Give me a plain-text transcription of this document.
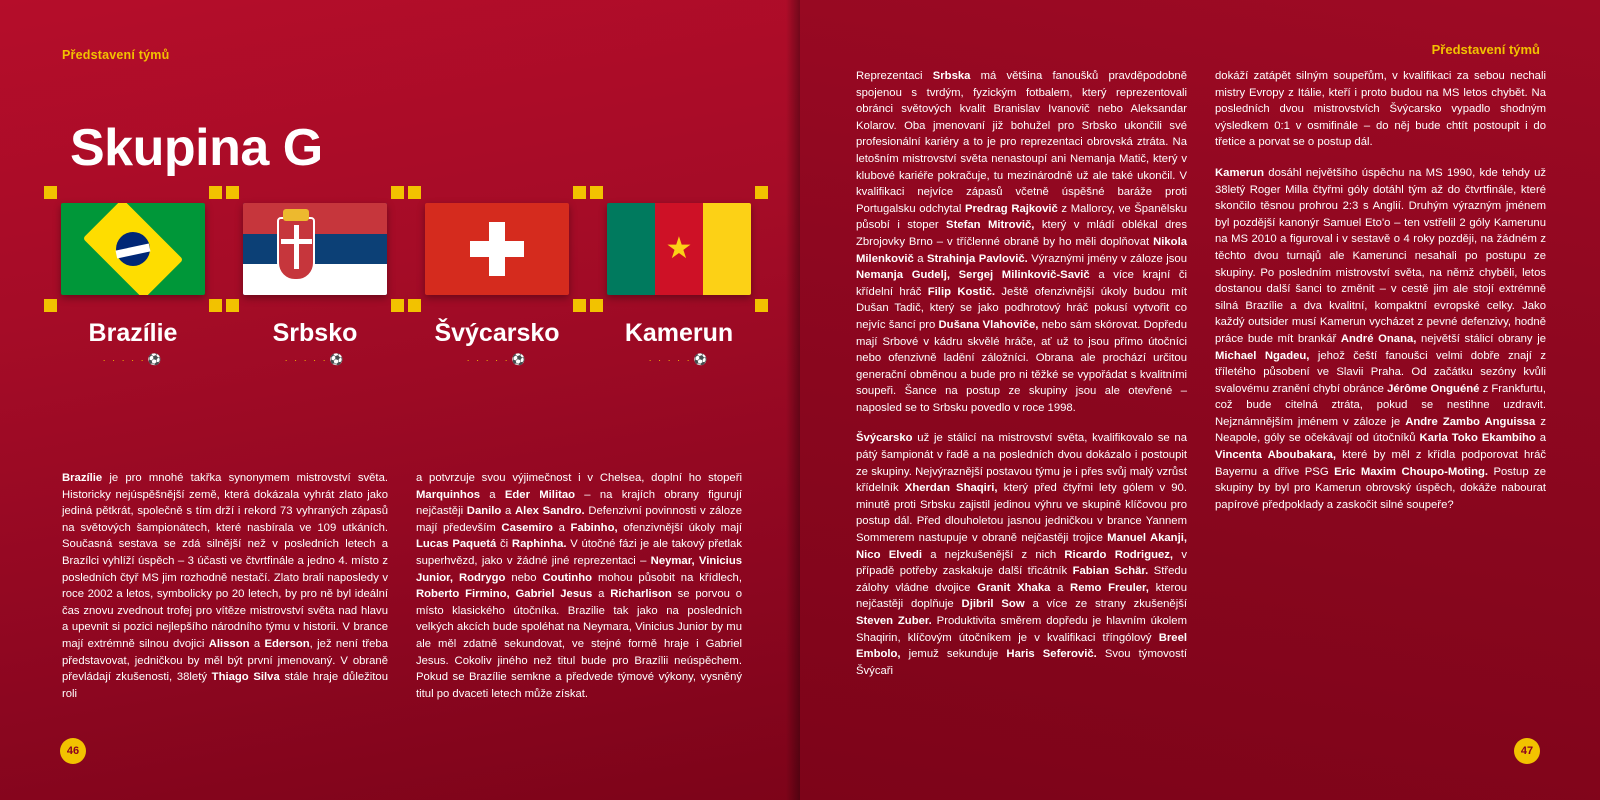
Představení týmů
Skupina G
Brazílie
· · · · · ⚽
Srbsko
· · · · · ⚽
Švýcarsko
· · · · · ⚽
★
Kamerun
· · · · · ⚽

Brazílie je pro mnohé takřka synonymem mistrovství světa. Historicky nejúspěšnější země, která dokázala vyhrát zlato jako jediná pětkrát, společně s tím drží i rekord 73 vyhraných zápasů na světových šampionátech, které nasbírala ve 109 utkáních. Současná sestava se zdá silnější než v posledních letech a Brazílci vyhlíží úspěch – 3 účasti ve čtvrtfinále a jedno 4. místo z posledních čtyř MS jim rozhodně nestačí. Zlato brali naposledy v roce 2002 a letos, symbolicky po 20 letech, by pro ně byl ideální čas znovu zvednout trofej pro vítěze mistrovství světa nad hlavu a upevnit si pozici nejlepšího národního týmu v historii. V brance mají extrémně silnou dvojici Alisson a Ederson, jež není třeba představovat, jedničkou by měl být první jmenovaný. V obraně převládají zkušenosti, 38letý Thiago Silva stále hraje důležitou roli

a potvrzuje svou výjimečnost i v Chelsea, doplní ho stopeři Marquinhos a Eder Militao – na krajích obrany figurují nejčastěji Danilo a Alex Sandro. Defenzivní povinnosti v záloze mají především Casemiro a Fabinho, ofenzivnější úkoly mají Lucas Paquetá či Raphinha. V útočné fázi je ale takový přetlak superhvězd, jako v žádné jiné reprezentaci – Neymar, Vinicius Junior, Rodrygo nebo Coutinho mohou působit na křídlech, Roberto Firmino, Gabriel Jesus a Richarlison se porvou o místo klasického útočníka. Brazilie tak jako na posledních velkých akcích bude spoléhat na Neymara, Vinicius Junior by mu ale měl zdatně sekundovat, ve stejné formě hraje i Gabriel Jesus. Cokoliv jiného než titul bude pro Brazílii neúspěchem. Pokud se Brazílie semkne a předvede týmové výkony, vysněný titul po dvaceti letech může získat.

46
Představení týmů

Reprezentaci Srbska má většina fanoušků pravděpodobně spojenou s tvrdým, fyzickým fotbalem, který reprezentovali obránci světových kvalit Branislav Ivanovič nebo Aleksandar Kolarov. Oba jmenovaní již bohužel pro Srbsko ukončili své profesionální kariéry a to je pro reprezentaci obrovská ztráta. Na letošním mistrovství světa nenastoupí ani Nemanja Matič, který v klubové kariéře pokračuje, tu mezinárodně už ale také ukončil. V kvalifikaci nejvíce zápasů včetně úspěšné baráže proti Portugalsku odchytal Predrag Rajkovič z Mallorcy, ve Španělsku působí i stoper Stefan Mitrovič, který v mládí oblékal dres Zbrojovky Brno – v tříčlenné obraně by ho měli doplňovat Nikola Milenkovič a Strahinja Pavlovič. Výraznými jmény v záloze jsou Nemanja Gudelj, Sergej Milinkovič-Savič a více krajní či křídelní hráč Filip Kostič. Ještě ofenzivnější úkoly budou mít Dušan Tadič, který se jako podhrotový hráč pokusí vytvořit co nejvíc šancí pro Dušana Vlahoviče, nebo sám skórovat. Dopředu mají Srbové v kádru skvělé hráče, ať už to jsou přímo útočníci nebo ofenzivně ladění záložníci. Obrana ale prochází určitou generační obměnou a bude pro ni těžké se vypořádat s kvalitními soupeři. Šance na postup ze skupiny jsou ale otevřené – naposled se to Srbsku povedlo v roce 1998.

Švýcarsko už je stálicí na mistrovství světa, kvalifikovalo se na pátý šampionát v řadě a na posledních dvou dokázalo i postoupit ze skupiny. Nejvýraznější postavou týmu je i přes svůj malý vzrůst křídelník Xherdan Shaqiri, který před čtyřmi lety gólem v 90. minutě proti Srbsku zajistil jedinou výhru ve skupině klíčovou pro postup dál. Před dlouholetou jasnou jedničkou v brance Yannem Sommerem nastupuje v obraně nejčastěji trojice Manuel Akanji, Nico Elvedi a nejzkušenější z nich Ricardo Rodriguez, v případě potřeby zaskakuje další třicátník Fabian Schär. Středu zálohy vládne dvojice Granit Xhaka a Remo Freuler, kterou nejčastěji doplňuje Djibril Sow a více ze strany zkušenější Steven Zuber. Produktivita směrem dopředu je hlavním úkolem Shaqirin, klíčovým útočníkem je v kvalifikaci tříngólový Breel Embolo, jemuž sekunduje Haris Seferovič. Svou týmovostí Švýcaři

dokáží zatápět silným soupeřům, v kvalifikaci za sebou nechali mistry Evropy z Itálie, kteří i proto budou na MS letos chybět. Na posledních dvou mistrovstvích Švýcarsko vypadlo shodným výsledkem 0:1 v osmifinále – do něj bude chtít postoupit i do třetice a porvat se o postup dál.

Kamerun dosáhl největšího úspěchu na MS 1990, kde tehdy už 38letý Roger Milla čtyřmi góly dotáhl tým až do čtvrtfinále, které skončilo těsnou prohrou 2:3 s Anglií. Druhým výrazným jménem byl pozdější kanonýr Samuel Eto'o – ten vstřelil 2 góly Kamerunu na MS 2010 a figuroval i v sestavě o 4 roky později, na žádném z těchto dvou turnajů ale Kamerunci nesahali po postupu ze skupiny. Po posledním mistrovství světa, na němž chyběli, letos dostanou další šanci to změnit – v cestě jim ale stojí extrémně silná Brazílie a dva kvalitní, kompaktní evropské celky. Jako každý outsider musí Kamerun vycházet z pevné defenzivy, hodně práce bude mít brankář André Onana, největší stálicí obrany je Michael Ngadeu, jehož čeští fanoušci velmi dobře znají z tříletého působení ve Slavii Praha. Od začátku sezóny kvůli svalovému zranění chybí obránce Jérôme Onguéné z Frankfurtu, což bude citelná ztráta, pokud se nestihne uzdravit. Nejznámnějším jménem v záloze je Andre Zambo Anguissa z Neapole, góly se očekávají od útočníků Karla Toko Ekambiho a Vincenta Aboubakara, které by měl z křídla podporovat hráč Bayernu a dříve PSG Eric Maxim Choupo-Moting. Postup ze skupiny by byl pro Kamerun obrovský úspěch, dokáže nabourat papírové předpoklady a zaskočit silné soupeře?

47
